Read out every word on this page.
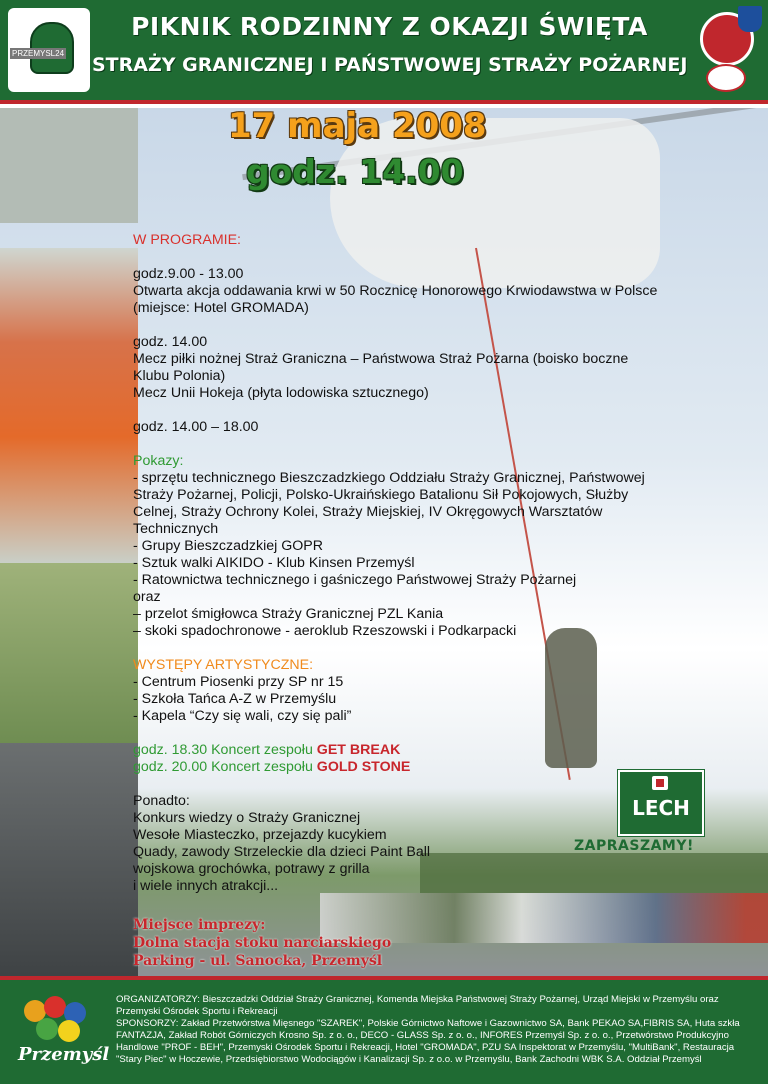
PRZEMYSL24
PIKNIK RODZINNY Z OKAZJI ŚWIĘTA
STRAŻY GRANICZNEJ I PAŃSTWOWEJ STRAŻY POŻARNEJ
17 maja 2008
godz. 14.00
W PROGRAMIE:
godz.9.00 - 13.00
Otwarta akcja oddawania krwi w 50 Rocznicę Honorowego Krwiodawstwa w Polsce
(miejsce: Hotel GROMADA)
godz. 14.00
Mecz piłki nożnej Straż Graniczna – Państwowa Straż Pożarna (boisko boczne
Klubu Polonia)
Mecz Unii Hokeja (płyta lodowiska sztucznego)
godz. 14.00 – 18.00
Pokazy:
- sprzętu technicznego Bieszczadzkiego Oddziału Straży Granicznej, Państwowej
Straży Pożarnej, Policji, Polsko-Ukraińskiego Batalionu Sił Pokojowych, Służby
Celnej, Straży Ochrony Kolei, Straży Miejskiej, IV Okręgowych Warsztatów
Technicznych
- Grupy Bieszczadzkiej GOPR
- Sztuk walki AIKIDO - Klub Kinsen Przemyśl
- Ratownictwa technicznego i gaśniczego Państwowej Straży Pożarnej
oraz
– przelot śmigłowca Straży Granicznej PZL Kania
– skoki spadochronowe - aeroklub Rzeszowski i Podkarpacki
WYSTĘPY ARTYSTYCZNE:
- Centrum Piosenki przy SP nr 15
- Szkoła Tańca A-Z w Przemyślu
- Kapela “Czy się wali, czy się pali”
godz. 18.30 Koncert zespołu GET BREAK
godz. 20.00 Koncert zespołu GOLD STONE
Ponadto:
Konkurs wiedzy o Straży Granicznej
Wesołe Miasteczko, przejazdy kucykiem
Quady, zawody Strzeleckie dla dzieci Paint Ball
wojskowa grochówka, potrawy z grilla
i wiele innych atrakcji...
LECH
ZAPRASZAMY!
Miejsce imprezy:
Dolna stacja stoku narciarskiego
Parking - ul. Sanocka, Przemyśl
Przemyśl

ORGANIZATORZY: Bieszczadzki Oddział Straży Granicznej, Komenda Miejska Państwowej Straży Pożarnej, Urząd Miejski w Przemyślu oraz Przemyski Ośrodek Sportu i Rekreacji

SPONSORZY: Zakład Przetwórstwa Mięsnego "SZAREK", Polskie Górnictwo Naftowe i Gazownictwo SA, Bank PEKAO SA,FIBRIS SA, Huta szkła FANTAZJA, Zakład Robót Górniczych Krosno Sp. z o. o., DECO - GLASS Sp. z o. o., INFORES Przemyśl Sp. z o. o., Przetwórstwo Produkcyjno Handlowe "PROF - BEH", Przemyski Ośrodek Sportu i Rekreacji, Hotel "GROMADA", PZU SA Inspektorat w Przemyślu, "MultiBank", Restauracja "Stary Piec" w Hoczewie, Przedsiębiorstwo Wodociągów i Kanalizacji Sp. z o.o. w Przemyślu, Bank Zachodni WBK S.A. Oddział Przemyśl
